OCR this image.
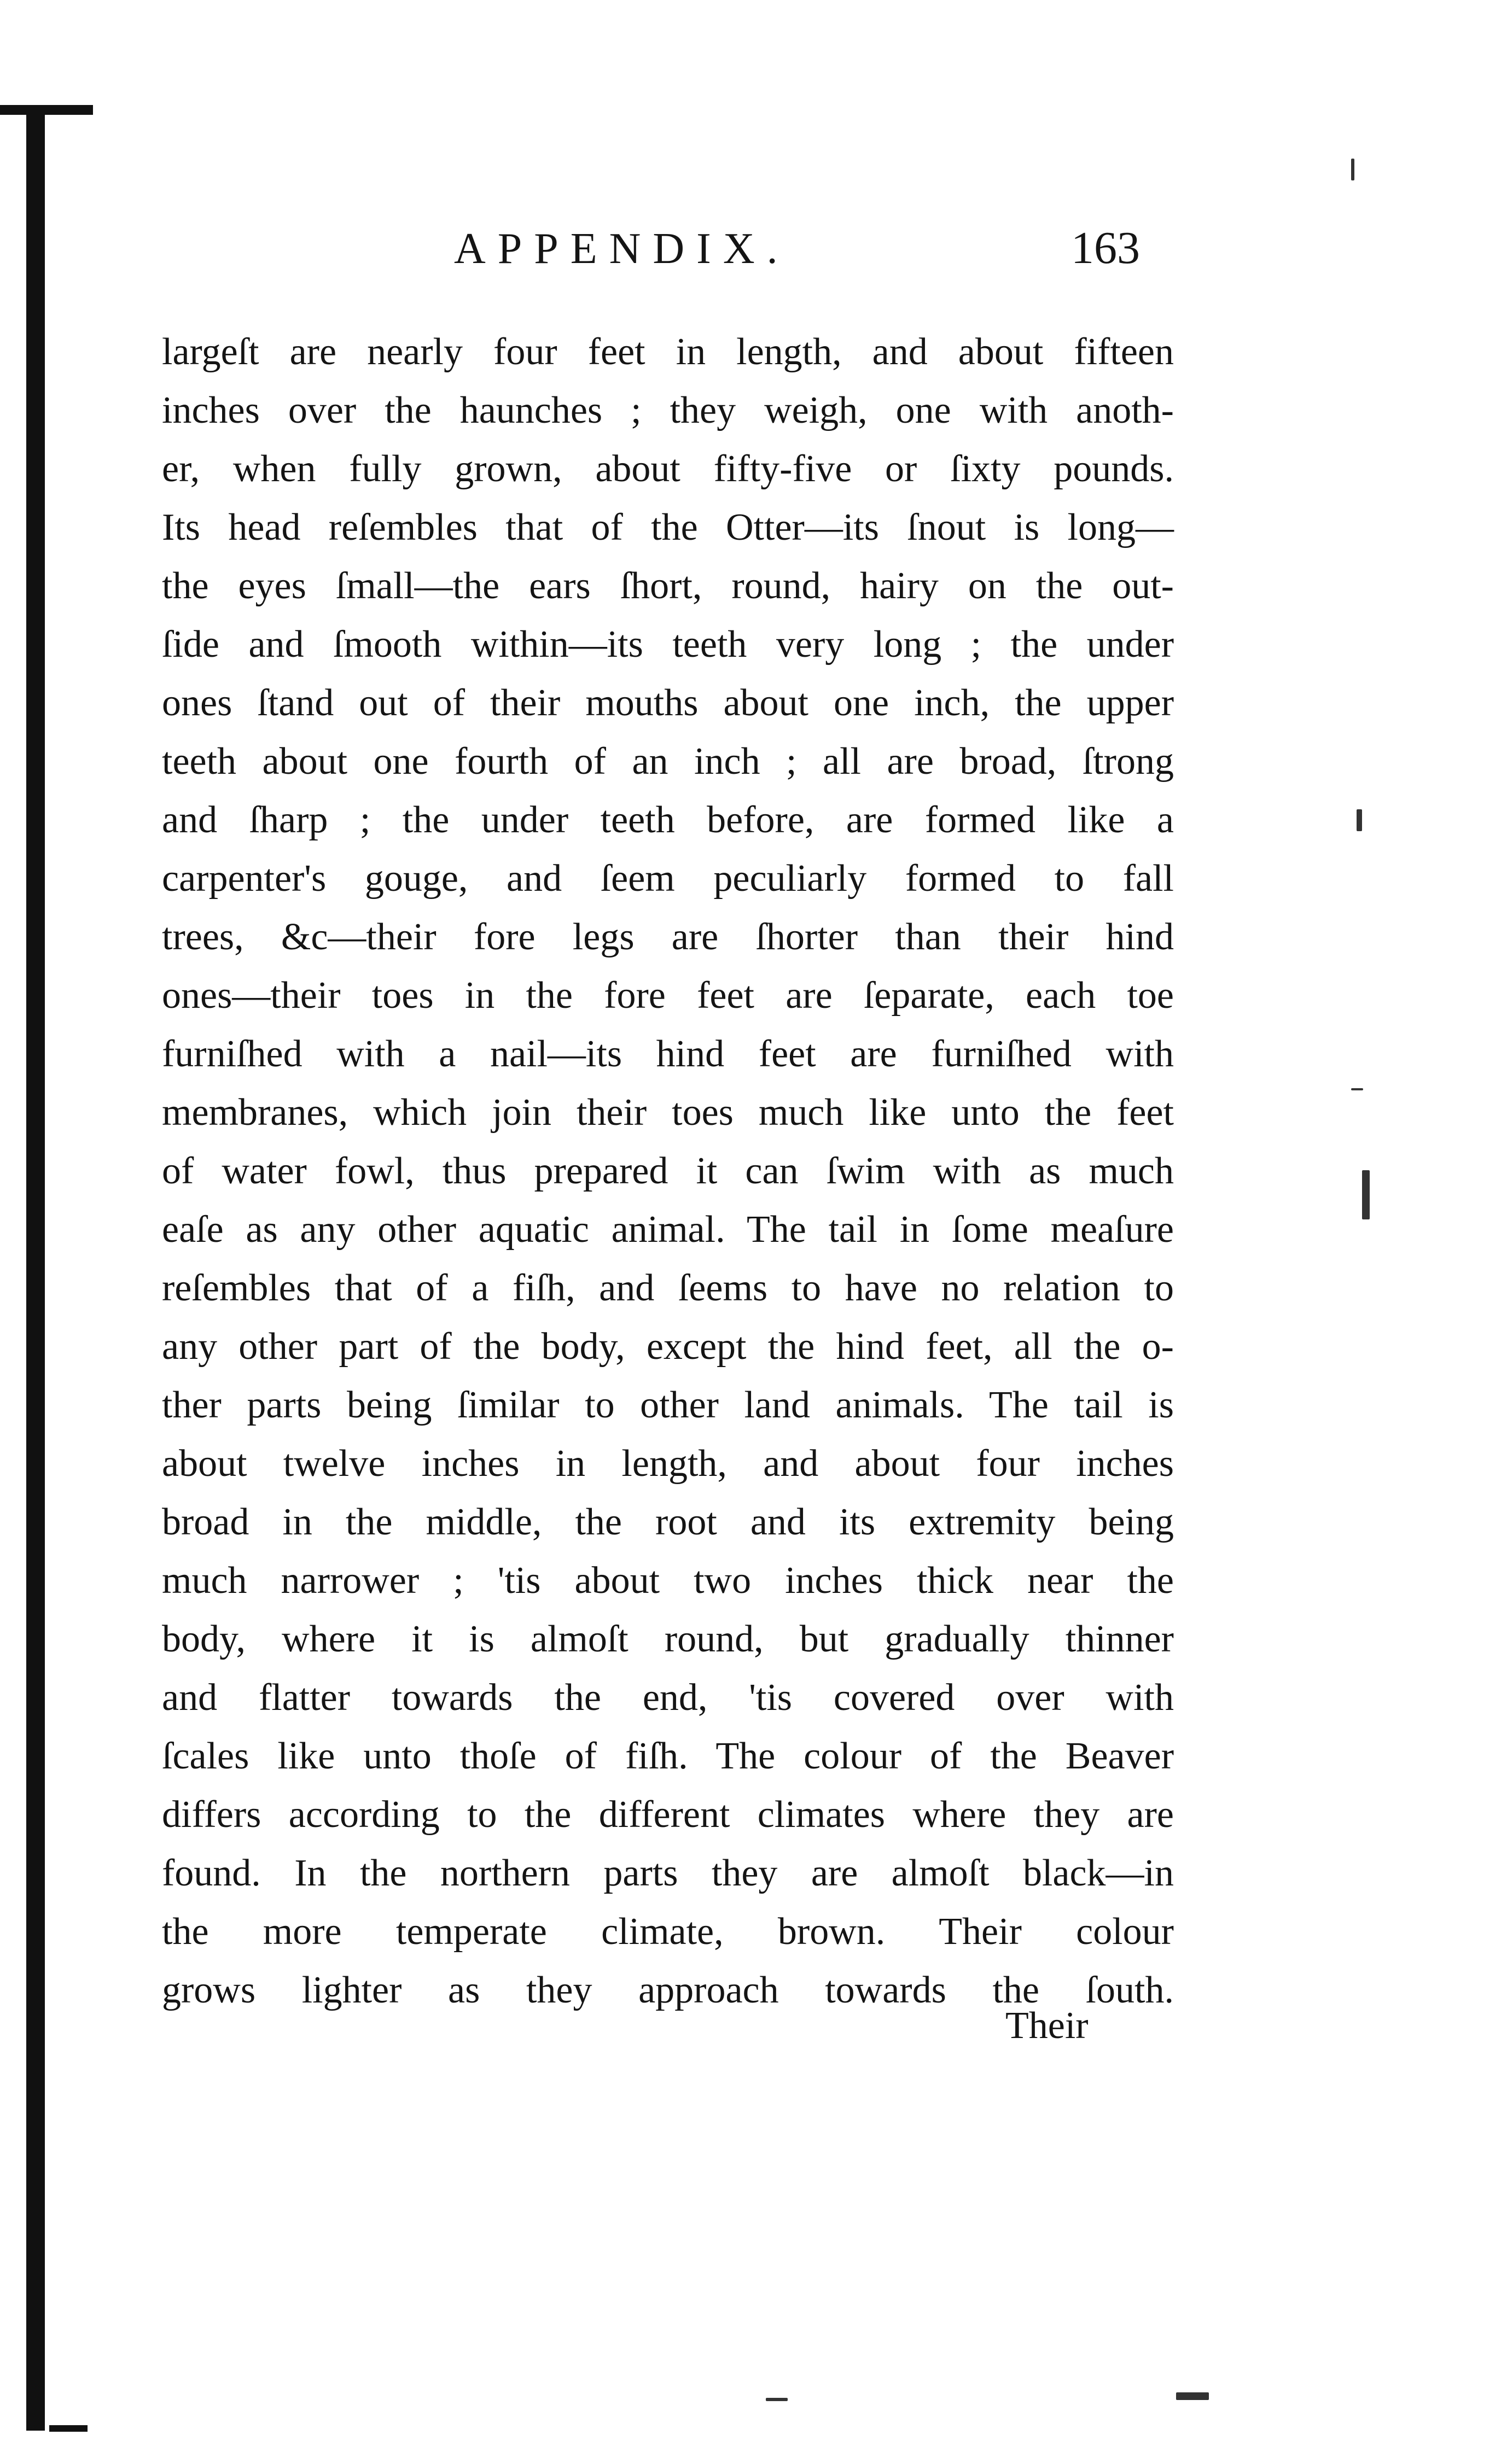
APPENDIX.	163
largeſt are nearly four feet in length, and about fifteen
inches over the haunches ; they weigh, one with anoth-
er, when fully grown, about fifty-five or ſixty pounds.
Its head reſembles that of the Otter—its ſnout is long—
the eyes ſmall—the ears ſhort, round, hairy on the out-
ſide and ſmooth within—its teeth very long ; the under
ones ſtand out of their mouths about one inch, the upper
teeth about one fourth of an inch ; all are broad, ſtrong
and ſharp ; the under teeth before, are formed like a
carpenter's gouge, and ſeem peculiarly formed to fall
trees, &c—their fore legs are ſhorter than their hind
ones—their toes in the fore feet are ſeparate, each toe
furniſhed with a nail—its hind feet are furniſhed with
membranes, which join their toes much like unto the feet
of water fowl, thus prepared it can ſwim with as much
eaſe as any other aquatic animal. The tail in ſome meaſure
reſembles that of a fiſh, and ſeems to have no relation to
any other part of the body, except the hind feet, all the o-
ther parts being ſimilar to other land animals. The tail is
about twelve inches in length, and about four inches
broad in the middle, the root and its extremity being
much narrower ; 'tis about two inches thick near the
body, where it is almoſt round, but gradually thinner
and flatter towards the end, 'tis covered over with
ſcales like unto thoſe of fiſh. The colour of the Beaver
differs according to the different climates where they are
found. In the northern parts they are almoſt black—in
the more temperate climate, brown. Their colour
grows lighter as they approach towards the ſouth.
Their
